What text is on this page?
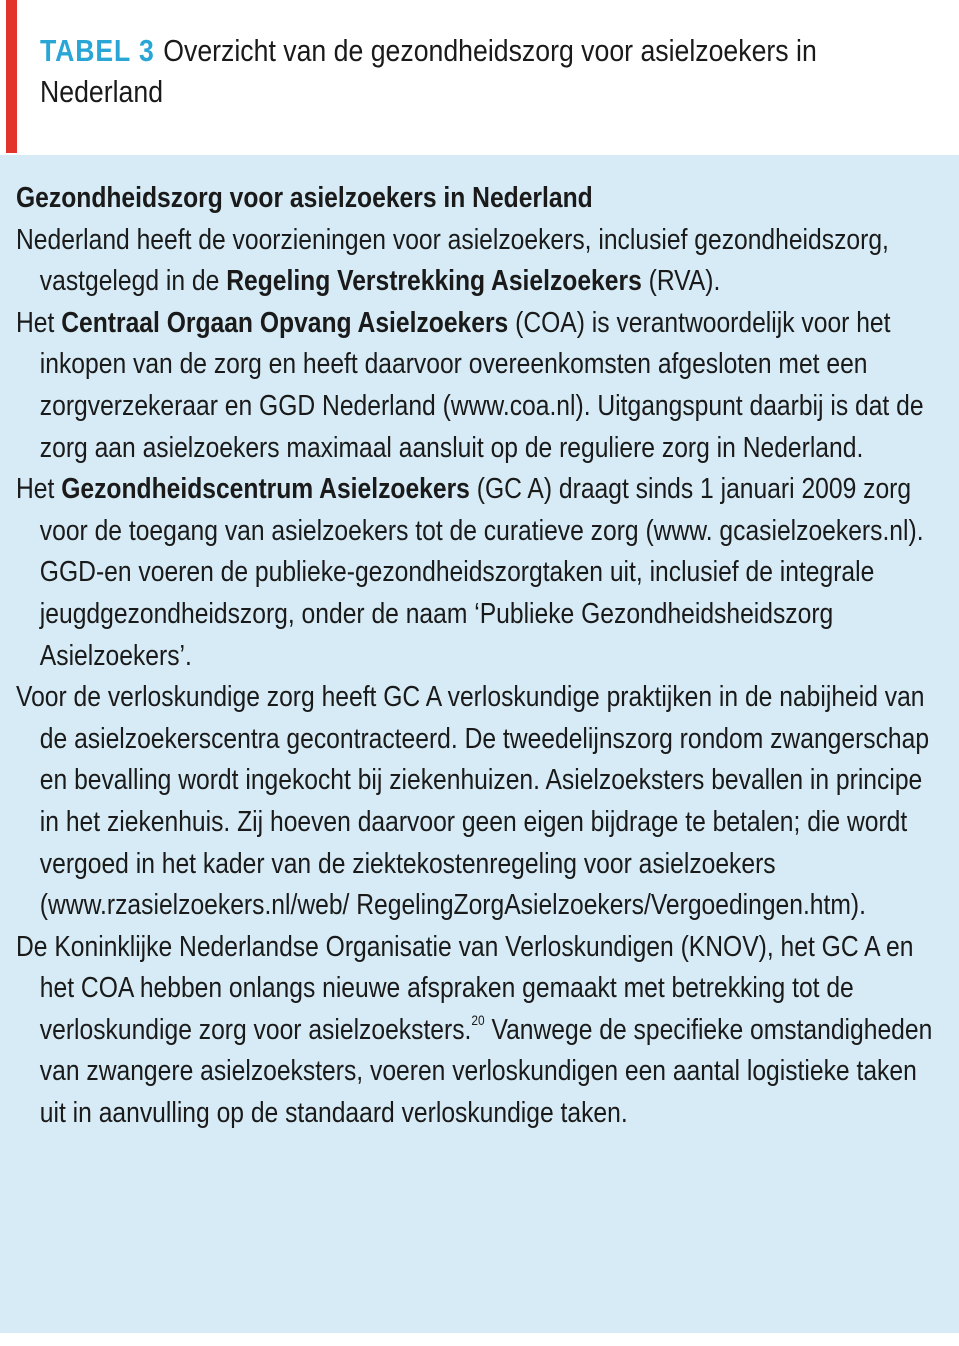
TABEL 3 Overzicht van de gezondheidszorg voor asielzoekers in Nederland
Gezondheidszorg voor asielzoekers in Nederland

Nederland heeft de voorzieningen voor asielzoekers, inclusief gezondheidszorg, vastgelegd in de Regeling Verstrekking Asielzoekers (RVA).

Het Centraal Orgaan Opvang Asielzoekers (COA) is verantwoordelijk voor het inkopen van de zorg en heeft daarvoor overeenkomsten afgesloten met een zorgverzekeraar en GGD Nederland (www.coa.nl). Uitgangspunt daarbij is dat de zorg aan asielzoekers maximaal aansluit op de reguliere zorg in Nederland.

Het Gezondheidscentrum Asielzoekers (GC A) draagt sinds 1 januari 2009 zorg voor de toegang van asielzoekers tot de curatieve zorg (www. gcasielzoekers.nl). GGD-en voeren de publieke-gezondheidszorgtaken uit, inclusief de integrale jeugdgezondheidszorg, onder de naam ‘Publieke Gezondheidsheidszorg Asielzoekers’.

Voor de verloskundige zorg heeft GC A verloskundige praktijken in de nabijheid van de asielzoekerscentra gecontracteerd. De tweedelijnszorg rondom zwangerschap en bevalling wordt ingekocht bij ziekenhuizen. Asielzoeksters bevallen in principe in het ziekenhuis. Zij hoeven daarvoor geen eigen bijdrage te betalen; die wordt vergoed in het kader van de ziektekostenregeling voor asielzoekers (www.rzasielzoekers.nl/web/ RegelingZorgAsielzoekers/Vergoedingen.htm).

De Koninklijke Nederlandse Organisatie van Verloskundigen (KNOV), het GC A en het COA hebben onlangs nieuwe afspraken gemaakt met betrekking tot de verloskundige zorg voor asielzoeksters.$^{20}$ Vanwege de specifieke omstandigheden van zwangere asielzoeksters, voeren verloskundigen een aantal logistieke taken uit in aanvulling op de standaard verloskundige taken.
